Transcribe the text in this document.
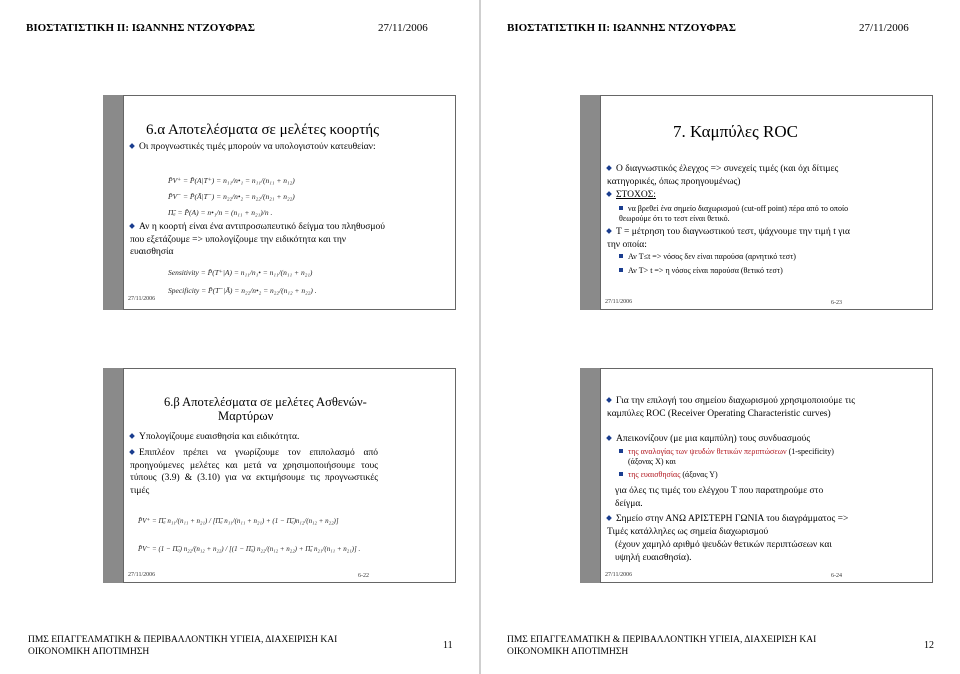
ΒΙΟΣΤΑΤΙΣΤΙΚΗ ΙΙ: ΙΩΑΝΝΗΣ ΝΤΖΟΥΦΡΑΣ	27/11/2006
6.α Αποτελέσματα σε μελέτες κοορτής
Οι προγνωστικές τιμές μπορούν να υπολογιστούν κατευθείαν:
P̂V⁺ = P̂(A|T⁺) = n₁₁/n•₁ = n₁₁/(n₁₁ + n₁₂)
P̂V⁻ = P̂(Ā|T⁻) = n₂₂/n•₂ = n₂₂/(n₂₁ + n₂₂)
Π̂ₐ = P̂(A) = n•₁/n = (n₁₁ + n₂₁)/n .
Αν η κοορτή είναι ένα αντιπροσωπευτικό δείγμα του πληθυσμού που εξετάζουμε => υπολογίζουμε την ειδικότητα και την ευαισθησία
Sensitivity = P̂(T⁺|A) = n₁₁/n₁• = n₁₁/(n₁₁ + n₂₁)
Specificity = P̂(T⁻|Ā) = n₂₂/n•₂ = n₂₂/(n₁₂ + n₂₂) .
27/11/2006
6.β Αποτελέσματα σε μελέτες Ασθενών-
Μαρτύρων
Υπολογίζουμε ευαισθησία και ειδικότητα.
Επιπλέον πρέπει να γνωρίζουμε τον επιπολασμό από προηγούμενες μελέτες και μετά να χρησιμοποιήσουμε τους τύπους (3.9) & (3.10) για να εκτιμήσουμε τις προγνωστικές τιμές
P̂V⁺ = Π̂ₐ n₁₁/(n₁₁ + n₂₁) / [Π̂ₐ n₁₁/(n₁₁ + n₂₁) + (1 − Π̂ₐ)n₁₂/(n₁₂ + n₂₂)]
P̂V⁻ = (1 − Π̂ₐ) n₂₂/(n₁₂ + n₂₂) / [(1 − Π̂ₐ) n₂₂/(n₁₂ + n₂₂) + Π̂ₐ n₂₁/(n₁₁ + n₂₁)] .
6-22
27/11/2006
ΠΜΣ ΕΠΑΓΓΕΛΜΑΤΙΚΗ & ΠΕΡΙΒΑΛΛΟΝΤΙΚΗ ΥΓΙΕΙΑ, ΔΙΑΧΕΙΡΙΣΗ ΚΑΙ
ΟΙΚΟΝΟΜΙΚΗ ΑΠΟΤΙΜΗΣΗ
11
ΒΙΟΣΤΑΤΙΣΤΙΚΗ ΙΙ: ΙΩΑΝΝΗΣ ΝΤΖΟΥΦΡΑΣ	27/11/2006
7. Καμπύλες ROC
Ο διαγνωστικός έλεγχος => συνεχείς τιμές (και όχι δίτιμες κατηγορικές, όπως προηγουμένως)
ΣΤΟΧΟΣ:
να βρεθεί ένα σημείο διαχωρισμού (cut-off point) πέρα από το οποίο θεωρούμε ότι το τεστ είναι θετικό.
T = μέτρηση του διαγνωστικού τεστ, ψάχνουμε την τιμή t για την οποία:
Αν T≤t => νόσος δεν είναι παρούσα (αρνητικό τεστ)
Αν T> t => η νόσος είναι παρούσα (θετικό τεστ)
6-23
27/11/2006
Για την επιλογή του σημείου διαχωρισμού χρησιμοποιούμε τις καμπύλες ROC (Receiver Operating Characteristic curves)
Απεικονίζουν (με μια καμπύλη) τους συνδυασμούς
της αναλογίας των ψευδών θετικών περιπτώσεων (1-specificity)
(άξονας Χ) και
της ευαισθησίας (άξονας Υ)
για όλες τις τιμές του ελέγχου T που παρατηρούμε στο δείγμα.
Σημείο στην ΑΝΩ ΑΡΙΣΤΕΡΗ ΓΩΝΙΑ του διαγράμματος => Τιμές κατάλληλες ως σημεία διαχωρισμού
(έχουν χαμηλό αριθμό ψευδών θετικών περιπτώσεων και υψηλή ευαισθησία).
6-24
27/11/2006
ΠΜΣ ΕΠΑΓΓΕΛΜΑΤΙΚΗ & ΠΕΡΙΒΑΛΛΟΝΤΙΚΗ ΥΓΙΕΙΑ, ΔΙΑΧΕΙΡΙΣΗ ΚΑΙ
ΟΙΚΟΝΟΜΙΚΗ ΑΠΟΤΙΜΗΣΗ
12
